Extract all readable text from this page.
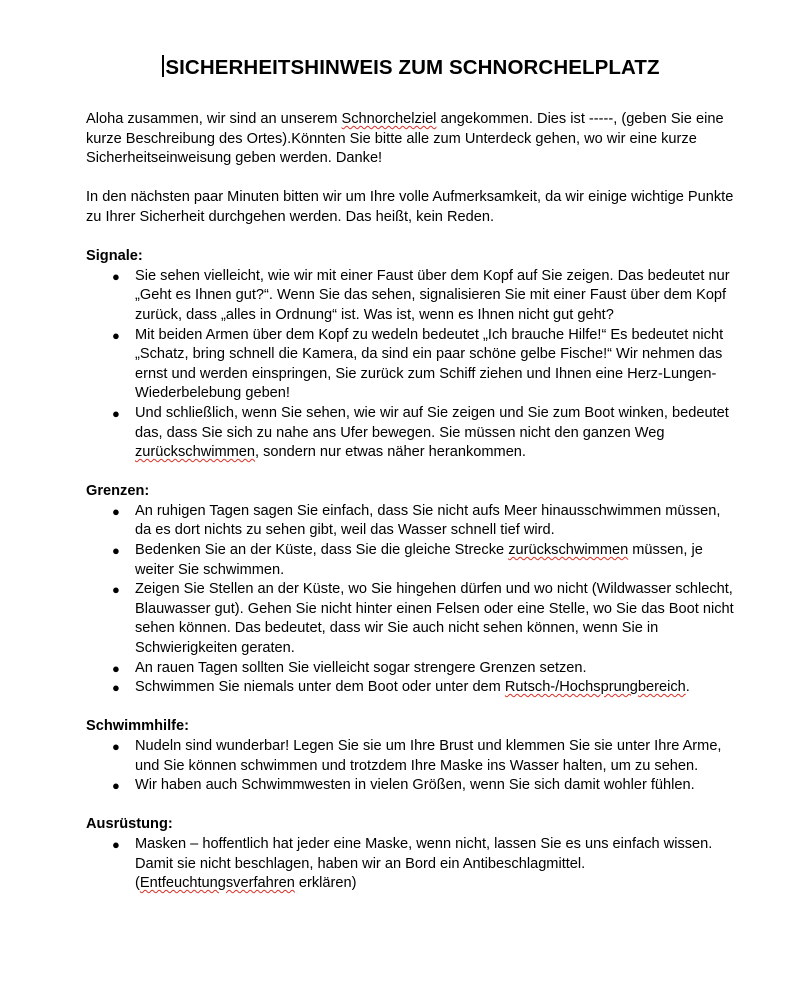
SICHERHEITSHINWEIS ZUM SCHNORCHELPLATZ

Aloha zusammen, wir sind an unserem Schnorchelziel angekommen. Dies ist -----, (geben Sie eine kurze Beschreibung des Ortes).Könnten Sie bitte alle zum Unterdeck gehen, wo wir eine kurze Sicherheitseinweisung geben werden. Danke!

In den nächsten paar Minuten bitten wir um Ihre volle Aufmerksamkeit, da wir einige wichtige Punkte zu Ihrer Sicherheit durchgehen werden. Das heißt, kein Reden.

Signale:

● Sie sehen vielleicht, wie wir mit einer Faust über dem Kopf auf Sie zeigen. Das bedeutet nur „Geht es Ihnen gut?“. Wenn Sie das sehen, signalisieren Sie mit einer Faust über dem Kopf zurück, dass „alles in Ordnung“ ist. Was ist, wenn es Ihnen nicht gut geht?
● Mit beiden Armen über dem Kopf zu wedeln bedeutet „Ich brauche Hilfe!“ Es bedeutet nicht „Schatz, bring schnell die Kamera, da sind ein paar schöne gelbe Fische!“ Wir nehmen das ernst und werden einspringen, Sie zurück zum Schiff ziehen und Ihnen eine Herz-Lungen-Wiederbelebung geben!
● Und schließlich, wenn Sie sehen, wie wir auf Sie zeigen und Sie zum Boot winken, bedeutet das, dass Sie sich zu nahe ans Ufer bewegen. Sie müssen nicht den ganzen Weg zurückschwimmen, sondern nur etwas näher herankommen.

Grenzen:

● An ruhigen Tagen sagen Sie einfach, dass Sie nicht aufs Meer hinausschwimmen müssen, da es dort nichts zu sehen gibt, weil das Wasser schnell tief wird.
● Bedenken Sie an der Küste, dass Sie die gleiche Strecke zurückschwimmen müssen, je weiter Sie schwimmen.
● Zeigen Sie Stellen an der Küste, wo Sie hingehen dürfen und wo nicht (Wildwasser schlecht, Blauwasser gut). Gehen Sie nicht hinter einen Felsen oder eine Stelle, wo Sie das Boot nicht sehen können. Das bedeutet, dass wir Sie auch nicht sehen können, wenn Sie in Schwierigkeiten geraten.
● An rauen Tagen sollten Sie vielleicht sogar strengere Grenzen setzen.
● Schwimmen Sie niemals unter dem Boot oder unter dem Rutsch-/Hochsprungbereich.

Schwimmhilfe:

● Nudeln sind wunderbar! Legen Sie sie um Ihre Brust und klemmen Sie sie unter Ihre Arme, und Sie können schwimmen und trotzdem Ihre Maske ins Wasser halten, um zu sehen.
● Wir haben auch Schwimmwesten in vielen Größen, wenn Sie sich damit wohler fühlen.

Ausrüstung:

● Masken – hoffentlich hat jeder eine Maske, wenn nicht, lassen Sie es uns einfach wissen. Damit sie nicht beschlagen, haben wir an Bord ein Antibeschlagmittel. (Entfeuchtungsverfahren erklären)
